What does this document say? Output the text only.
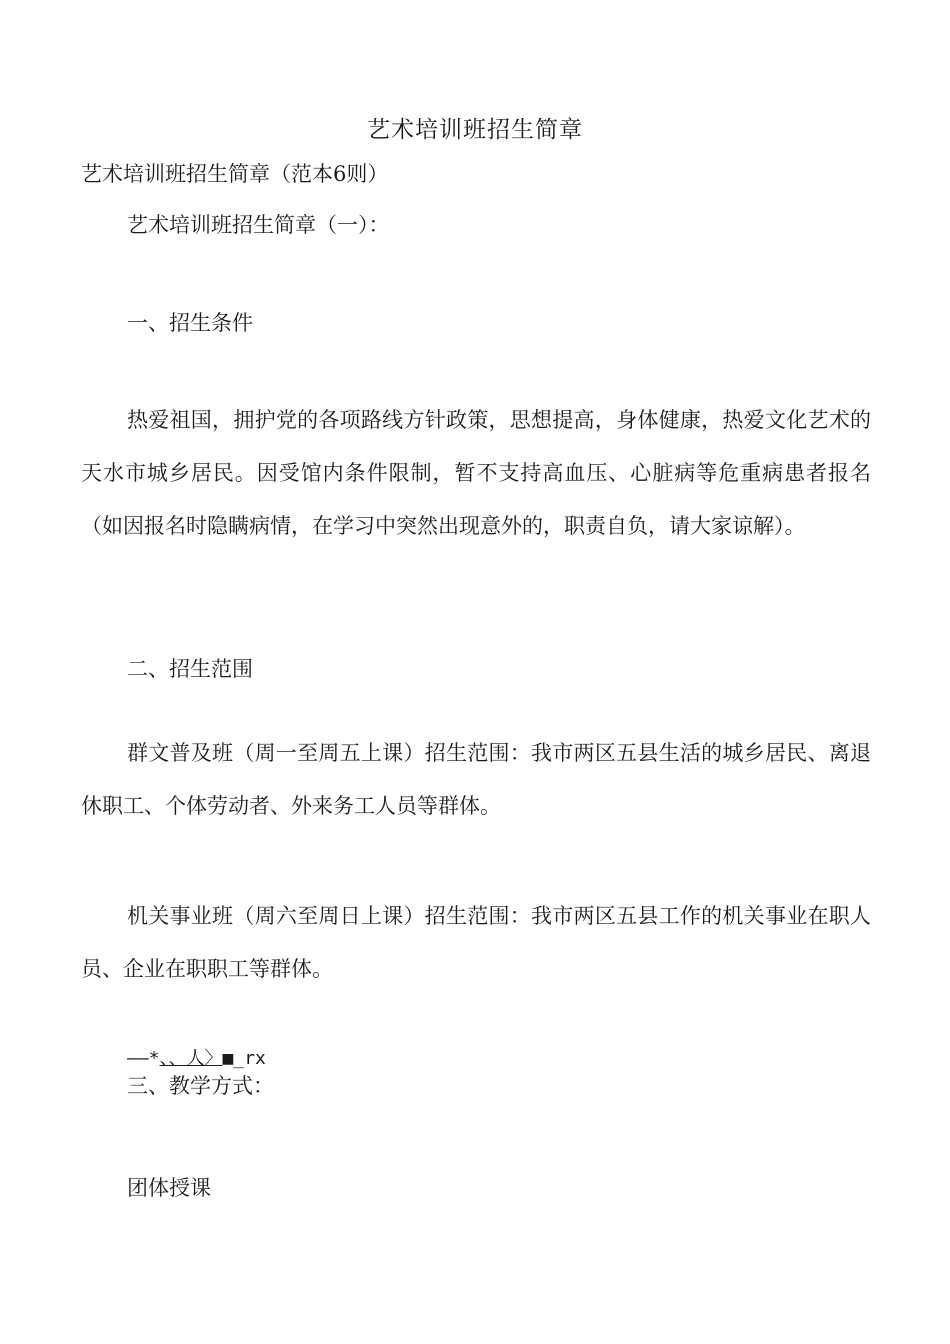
艺术培训班招生简章
艺术培训班招生简章（范本6则）
艺术培训班招生简章（一）：
一、招生条件
热爱祖国，拥护党的各项路线方针政策，思想提高，身体健康，热爱文化艺术的天水市城乡居民。因受馆内条件限制，暂不支持高血压、心脏病等危重病患者报名（如因报名时隐瞒病情，在学习中突然出现意外的，职责自负，请大家谅解）。
二、招生范围
群文普及班（周一至周五上课）招生范围：我市两区五县生活的城乡居民、离退休职工、个体劳动者、外来务工人员等群体。
机关事业班（周六至周日上课）招生范围：我市两区五县工作的机关事业在职人员、企业在职职工等群体。
——*、、人〉■_rx
三、教学方式：
团体授课
